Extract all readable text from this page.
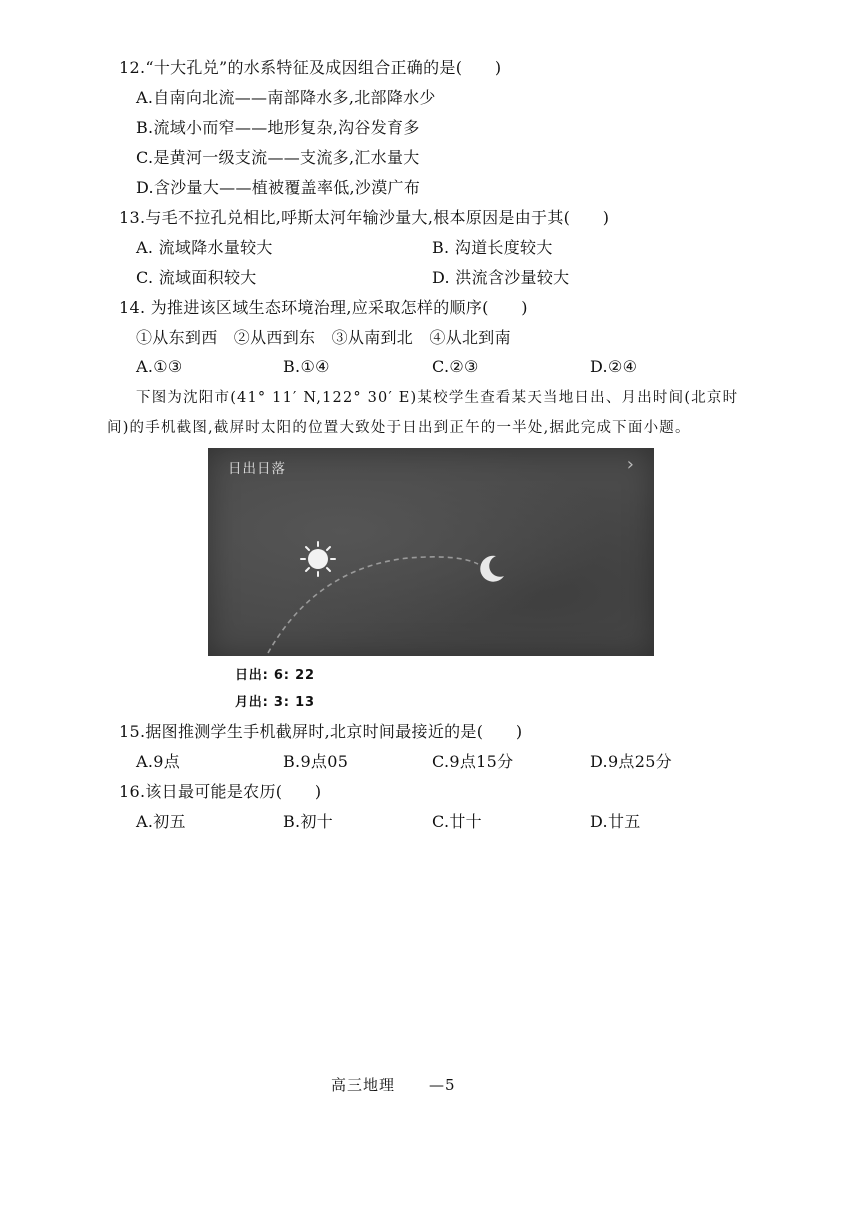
12.“十大孔兑”的水系特征及成因组合正确的是(　　)
A.自南向北流——南部降水多,北部降水少
B.流域小而窄——地形复杂,沟谷发育多
C.是黄河一级支流——支流多,汇水量大
D.含沙量大——植被覆盖率低,沙漠广布
13.与毛不拉孔兑相比,呼斯太河年输沙量大,根本原因是由于其(　　)
A. 流域降水量较大	B. 沟道长度较大
C. 流域面积较大	D. 洪流含沙量较大
14. 为推进该区域生态环境治理,应采取怎样的顺序(　　)
①从东到西　②从西到东　③从南到北　④从北到南
A.①③	B.①④	C.②③	D.②④
下图为沈阳市(41° 11′ N,122° 30′ E)某校学生查看某天当地日出、月出时间(北京时
间)的手机截图,截屏时太阳的位置大致处于日出到正午的一半处,据此完成下面小题。
日出日落	›
日出: 6: 22
月出: 3: 13
15.据图推测学生手机截屏时,北京时间最接近的是(　　)
A.9点	B.9点05	C.9点15分	D.9点25分
16.该日最可能是农历(　　)
A.初五	B.初十	C.廿十	D.廿五
高三地理 —5
